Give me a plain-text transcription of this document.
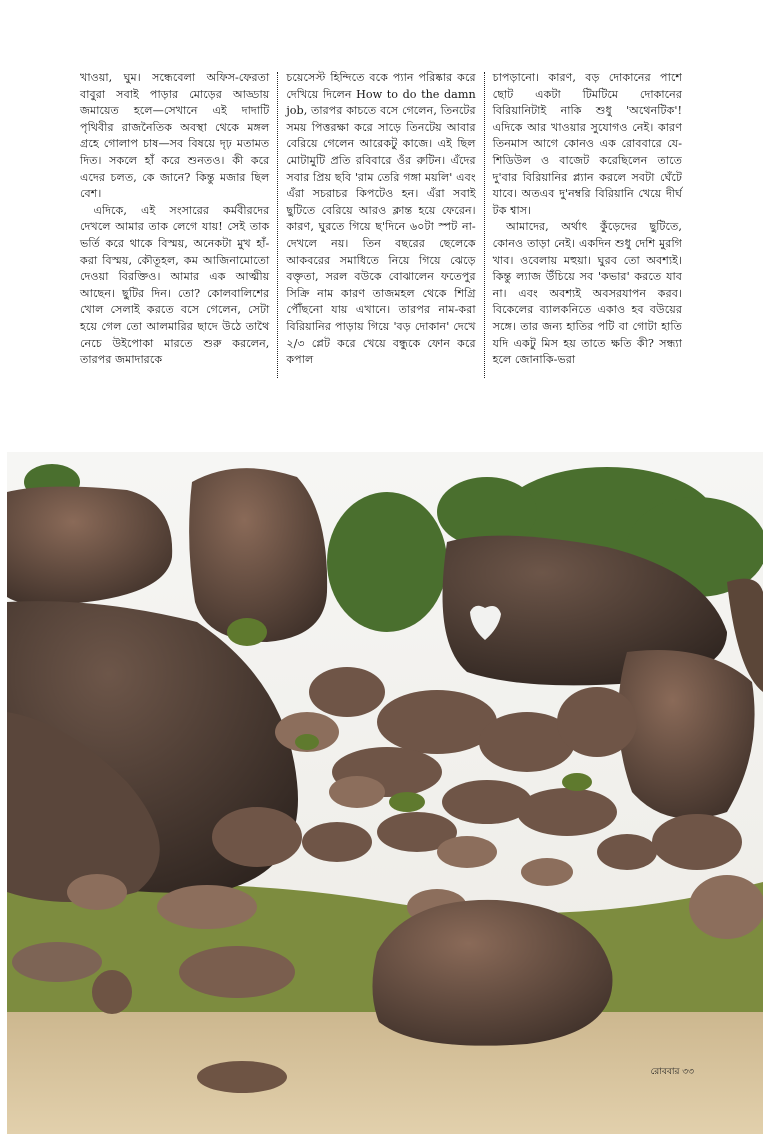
খাওয়া, ঘুম। সন্ধেবেলা অফিস-ফেরতা বাবুরা সবাই পাড়ার মোড়ের আড্ডায় জমায়েত হলে—সেখানে এই দাদাটি পৃথিবীর রাজনৈতিক অবস্থা থেকে মঙ্গল গ্রহে গোলাপ চাষ—সব বিষয়ে দৃঢ় মতামত দিত। সকলে হাঁ করে শুনতও। কী করে এদের চলত, কে জানে? কিন্তু মজার ছিল বেশ।

এদিকে, এই সংসারের কর্মবীরদের দেখলে আমার তাক লেগে যায়! সেই তাক ভর্তি করে থাকে বিস্ময়, অনেকটা মুখ হাঁ-করা বিস্ময়, কৌতূহল, কম আজিনামোতো দেওয়া বিরক্তিও। আমার এক আত্মীয় আছেন। ছুটির দিন। তো? কোলবালিশের খোল সেলাই করতে বসে গেলেন, সেটা হয়ে গেল তো আলমারির ছাদে উঠে তাথৈ নেচে উইপোকা মারতে শুরু করলেন, তারপর জমাদারকে

চয়েসেস্ট হিন্দিতে বকে প্যান পরিষ্কার করে দেখিয়ে দিলেন How to do the damn job, তারপর কাচতে বসে গেলেন, তিনটের সময় পিত্তরক্ষা করে সাড়ে তিনটেয় আবার বেরিয়ে গেলেন আরেকটু কাজে। এই ছিল মোটামুটি প্রতি রবিবারে ওঁর রুটিন। এঁদের সবার প্রিয় ছবি 'রাম তেরি গঙ্গা ময়লি' এবং এঁরা সচরাচর কিপটেও হন। এঁরা সবাই ছুটিতে বেরিয়ে আরও ক্লান্ত হয়ে ফেরেন। কারণ, ঘুরতে গিয়ে ছ'দিনে ৬০টা স্পট না-দেখলে নয়। তিন বছরের ছেলেকে আকবরের সমাধিতে নিয়ে গিয়ে ঝেড়ে বক্তৃতা, সরল বউকে বোঝালেন ফতেপুর সিক্রি নাম কারণ তাজমহল থেকে শিগ্রি পৌঁছনো যায় এখানে। তারপর নাম-করা বিরিয়ানির পাড়ায় গিয়ে 'বড় দোকান' দেখে ২/৩ প্লেট করে খেয়ে বন্ধুকে ফোন করে কপাল

চাপড়ানো। কারণ, বড় দোকানের পাশে ছোট একটা টিমটিমে দোকানের বিরিয়ানিটাই নাকি শুধু 'অথেনটিক'! এদিকে আর খাওয়ার সুযোগও নেই। কারণ তিনমাস আগে কোনও এক রোববারে যে-শিডিউল ও বাজেট করেছিলেন তাতে দু'বার বিরিয়ানির প্ল্যান করলে সবটা ঘেঁটে যাবে। অতএব দু'নম্বরি বিরিয়ানি খেয়ে দীর্ঘ টক শ্বাস।

আমাদের, অর্থাৎ কুঁড়েদের ছুটিতে, কোনও তাড়া নেই। একদিন শুধু দেশি মুরগি খাব। ওবেলায় মহুয়া। ঘুরব তো অবশ্যই। কিন্তু ল্যাজ উঁচিয়ে সব 'কভার' করতে যাব না। এবং অবশ্যই অবসরযাপন করব। বিকেলের ব্যালকনিতে একাও হব বউয়ের সঙ্গে। তার জন্য হাতির পটি বা গোটা হাতি যদি একটু মিস হয় তাতে ক্ষতি কী? সন্ধ্যা হলে জোনাকি-ভরা

রোববার ৩৩
